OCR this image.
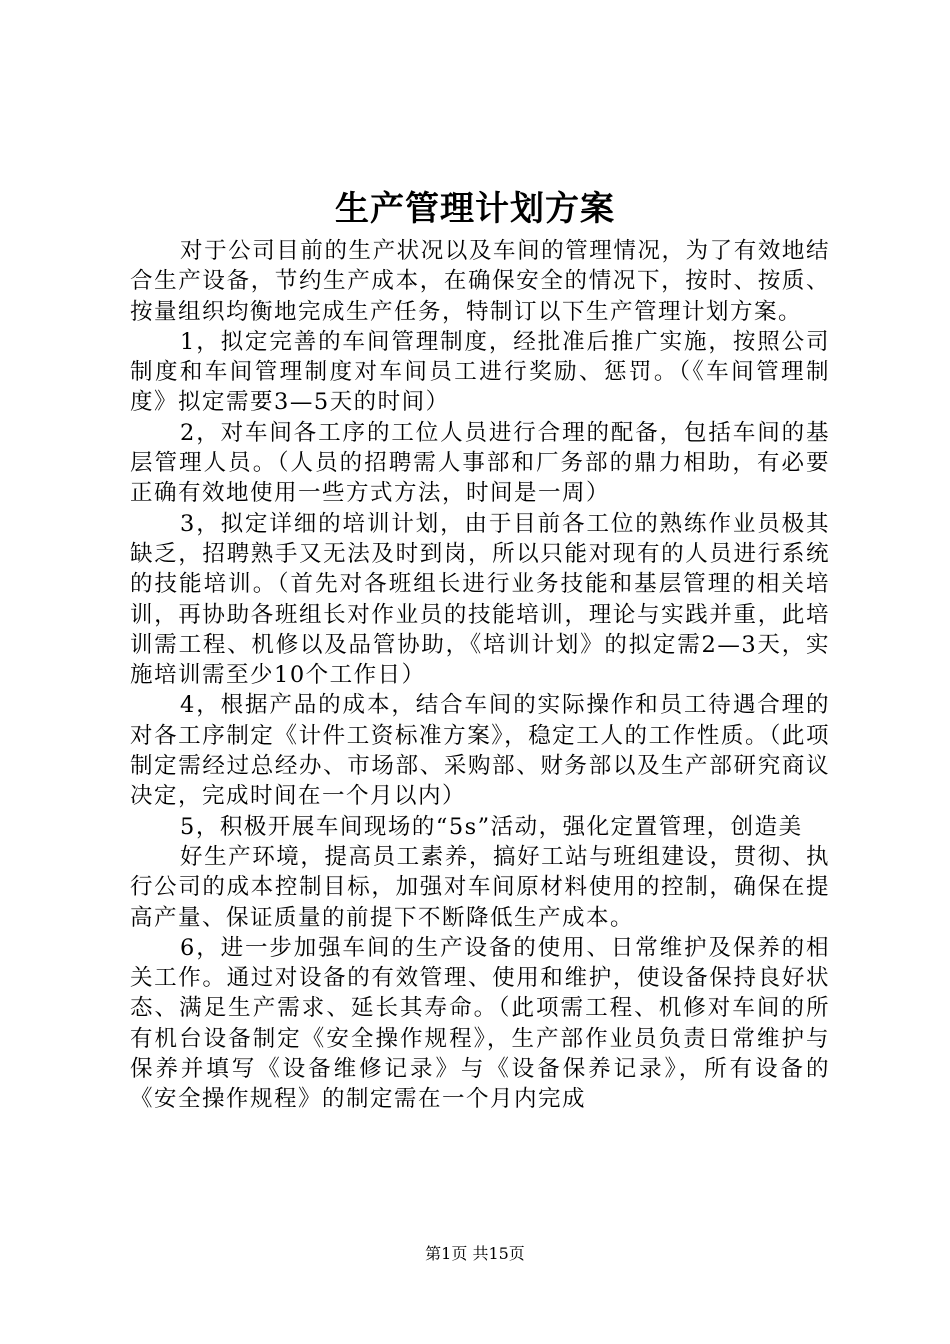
生产管理计划方案

对于公司目前的生产状况以及车间的管理情况，为了有效地结合生产设备，节约生产成本，在确保安全的情况下，按时、按质、按量组织均衡地完成生产任务，特制订以下生产管理计划方案。

1，拟定完善的车间管理制度，经批准后推广实施，按照公司制度和车间管理制度对车间员工进行奖励、惩罚。（《车间管理制度》拟定需要3—5天的时间）

2，对车间各工序的工位人员进行合理的配备，包括车间的基层管理人员。（人员的招聘需人事部和厂务部的鼎力相助，有必要正确有效地使用一些方式方法，时间是一周）

3，拟定详细的培训计划，由于目前各工位的熟练作业员极其缺乏，招聘熟手又无法及时到岗，所以只能对现有的人员进行系统的技能培训。（首先对各班组长进行业务技能和基层管理的相关培训，再协助各班组长对作业员的技能培训，理论与实践并重，此培训需工程、机修以及品管协助，《培训计划》的拟定需2—3天，实施培训需至少10个工作日）

4，根据产品的成本，结合车间的实际操作和员工待遇合理的对各工序制定《计件工资标准方案》，稳定工人的工作性质。（此项制定需经过总经办、市场部、采购部、财务部以及生产部研究商议决定，完成时间在一个月以内）

5，积极开展车间现场的“5s”活动，强化定置管理，创造美

好生产环境，提高员工素养，搞好工站与班组建设，贯彻、执行公司的成本控制目标，加强对车间原材料使用的控制，确保在提高产量、保证质量的前提下不断降低生产成本。

6，进一步加强车间的生产设备的使用、日常维护及保养的相关工作。通过对设备的有效管理、使用和维护，使设备保持良好状态、满足生产需求、延长其寿命。（此项需工程、机修对车间的所有机台设备制定《安全操作规程》，生产部作业员负责日常维护与保养并填写《设备维修记录》与《设备保养记录》，所有设备的《安全操作规程》的制定需在一个月内完成

第1页 共15页
